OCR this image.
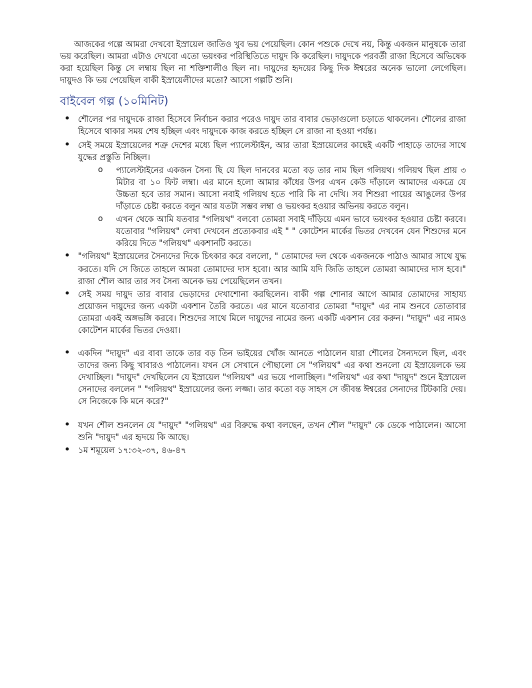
আজকের গল্পে আমরা দেখবো ইস্রায়েল জাতিও খুব ভয় পেয়েছিল। কোন পশুকে দেখে নয়, কিন্তু একজন মানুষকে তারা ভয় করেছিল। আমরা এটাও দেখবো এতো ভয়ংকর পরিস্থিতিতে দায়ুদ কি করেছিল। দায়ুদকে পরবর্তী রাজা হিসেবে অভিষেক করা হয়েছিল কিন্তু সে লম্বায় ছিল না শক্তিশালীও ছিল না। দায়ুদের হৃদয়ের কিছু দিক ঈশ্বরের অনেক ভালো লেগেছিল। দায়ুদও কি ভয় পেয়েছিল বাকী ইস্রায়েলীদের মতো? আসো গল্পটি শুনি।

বাইবেল গল্প (১০মিনিট)
• শৌলের পর দায়ুদকে রাজা হিসেবে নির্বাচন করার পরেও দায়ুদ তার বাবার ভেড়াগুলো চড়াতে থাকলেন। শৌলের রাজা হিসেবে থাকার সময় শেষ হচ্ছিল এবং দায়ুদকে কাজ করতে হচ্ছিল সে রাজা না হওয়া পর্যন্ত।
• সেই সময়ে ইস্রায়েলের শত্রু দেশের মধ্যে ছিল প্যালেস্টাইন, আর তারা ইস্রায়েলের কাছেই একটি পাহাড়ে তাদের সাথে যুদ্ধের প্রস্তুতি নিচ্ছিল।
o প্যালেস্টাইনের একজন সৈন্য ছি যে ছিল দানবের মতো বড় তার নাম ছিল গলিয়থ। গলিয়থ ছিল প্রায় ৩ মিটার বা ১০ ফিট লম্বা। এর মানে হলো আমার কাঁধের উপর এখন কেউ দাঁড়ালে আমাদের একত্রে যে উচ্চতা হবে তার সমান। আসো নবাই গলিয়থ হতে পারি কি না দেখি। সব শিশুরা পায়ের আঙুলের উপর দাঁড়াতে চেষ্টা করতে বলুন আর যতটা সম্ভব লম্বা ও ভয়ংকর হওয়ার অভিনয় করতে বলুন।
o এখন থেকে আমি যতবার "গলিয়থ" বলবো তোমরা সবাই দাঁড়িয়ে এমন ভাবে ভয়ংকর হওয়ার চেষ্টা করবে। যতোবার "গলিয়থ" লেখা দেখবেন প্রত্যেকবার এই " " কোটেশন মার্কের ভিতর দেখবেন যেন শিশুদের মনে করিয়ে দিতে "গলিয়থ" একশানটি করতে।
• "গলিয়থ" ইস্রায়েলের সৈন্যদের দিকে চিৎকার করে বললো, " তোমাদের দল থেকে একজনকে পাঠাও আমার সাথে যুদ্ধ করতে। যদি সে জিতে তাহলে আমরা তোমাদের দাস হবো। আর আমি যদি জিতি তাহলে তোমরা আমাদের দাস হবে।" রাজা শৌল আর তার সব সৈন্য অনেক ভয় পেয়েছিলেন তখন।
• সেই সময় দায়ুদ তার বাবার ভেড়াদের দেখাশোনা করছিলেন। বাকী গল্প শোনার আগে আমার তোমাদের সাহায্য প্রয়োজন দায়ুদের জন্য একটা একশান তৈরি করতে। এর মানে যতোবার তোমরা "দায়ুদ" এর নাম শুনবে তোতাবার তোমরা একই অঙ্গভঙ্গি করবে। শিশুদের সাথে মিলে দায়ুদের নামের জন্য একটি একশান বের করুন। "দায়ুদ" এর নামও কোটেশন মার্কের ভিতর দেওয়া।
• একদিন "দায়ুদ" এর বাবা তাকে তার বড় তিন ভাইয়ের খোঁজ আনতে পাঠালেন যারা শৌলের সৈন্যদলে ছিল, এবং তাদের জন্য কিছু খাবারও পাঠালেন। যখন সে সেখানে পৌছালো সে "গলিয়থ" এর কথা শুনলো যে ইস্রায়েলকে ভয় দেখাচ্ছিল। "দায়ুদ" দেখছিলেন যে ইস্রায়েল "গলিয়থ" এর ভয়ে পালাচ্ছিল। "গলিয়থ" এর কথা "দায়ুদ" শুনে ইস্রায়েল সেনাদের বললেন " "গলিয়থ" ইস্রায়েলের জন্য লজ্জা। তার কতো বড় সাহস সে জীবন্ত ঈশ্বরের সেনাদের টিটকারি দেয়। সে নিজেকে কি মনে করে?"
• যখন শৌল শুনলেন যে "দায়ুদ" "গলিয়থ" এর বিরুদ্ধে কথা বলছেন, তখন শৌল "দায়ুদ" কে ডেকে পাঠালেন। আসো শুনি "দায়ুদ" এর হৃদয়ে কি আছে।
• ১ম শমূয়েল ১৭:৩২-৩৭, ৪৬-৪৭
